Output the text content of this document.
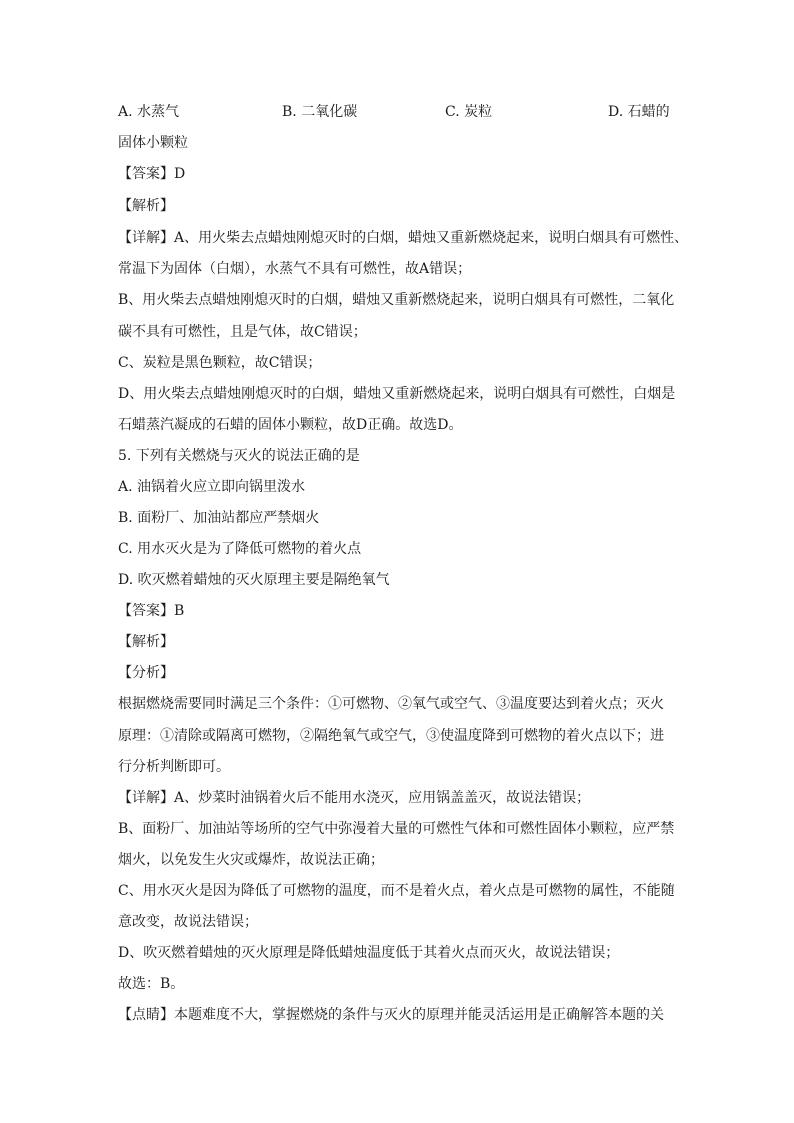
A. 水蒸气	B. 二氧化碳	C. 炭粒	D. 石蜡的
固体小颗粒
【答案】D
【解析】
【详解】A、用火柴去点蜡烛刚熄灭时的白烟，蜡烛又重新燃烧起来，说明白烟具有可燃性、
常温下为固体（白烟），水蒸气不具有可燃性，故A错误；
B、用火柴去点蜡烛刚熄灭时的白烟，蜡烛又重新燃烧起来，说明白烟具有可燃性，二氧化
碳不具有可燃性，且是气体，故C错误；
C、炭粒是黑色颗粒，故C错误；
D、用火柴去点蜡烛刚熄灭时的白烟，蜡烛又重新燃烧起来，说明白烟具有可燃性，白烟是
石蜡蒸汽凝成的石蜡的固体小颗粒，故D正确。故选D。
5. 下列有关燃烧与灭火的说法正确的是
A. 油锅着火应立即向锅里泼水
B. 面粉厂、加油站都应严禁烟火
C. 用水灭火是为了降低可燃物的着火点
D. 吹灭燃着蜡烛的灭火原理主要是隔绝氧气
【答案】B
【解析】
【分析】
根据燃烧需要同时满足三个条件：①可燃物、②氧气或空气、③温度要达到着火点；灭火
原理：①清除或隔离可燃物，②隔绝氧气或空气，③使温度降到可燃物的着火点以下；进
行分析判断即可。
【详解】A、炒菜时油锅着火后不能用水浇灭，应用锅盖盖灭，故说法错误；
B、面粉厂、加油站等场所的空气中弥漫着大量的可燃性气体和可燃性固体小颗粒，应严禁
烟火，以免发生火灾或爆炸，故说法正确；
C、用水灭火是因为降低了可燃物的温度，而不是着火点，着火点是可燃物的属性，不能随
意改变，故说法错误；
D、吹灭燃着蜡烛的灭火原理是降低蜡烛温度低于其着火点而灭火，故说法错误；
故选：B。
【点睛】本题难度不大，掌握燃烧的条件与灭火的原理并能灵活运用是正确解答本题的关
